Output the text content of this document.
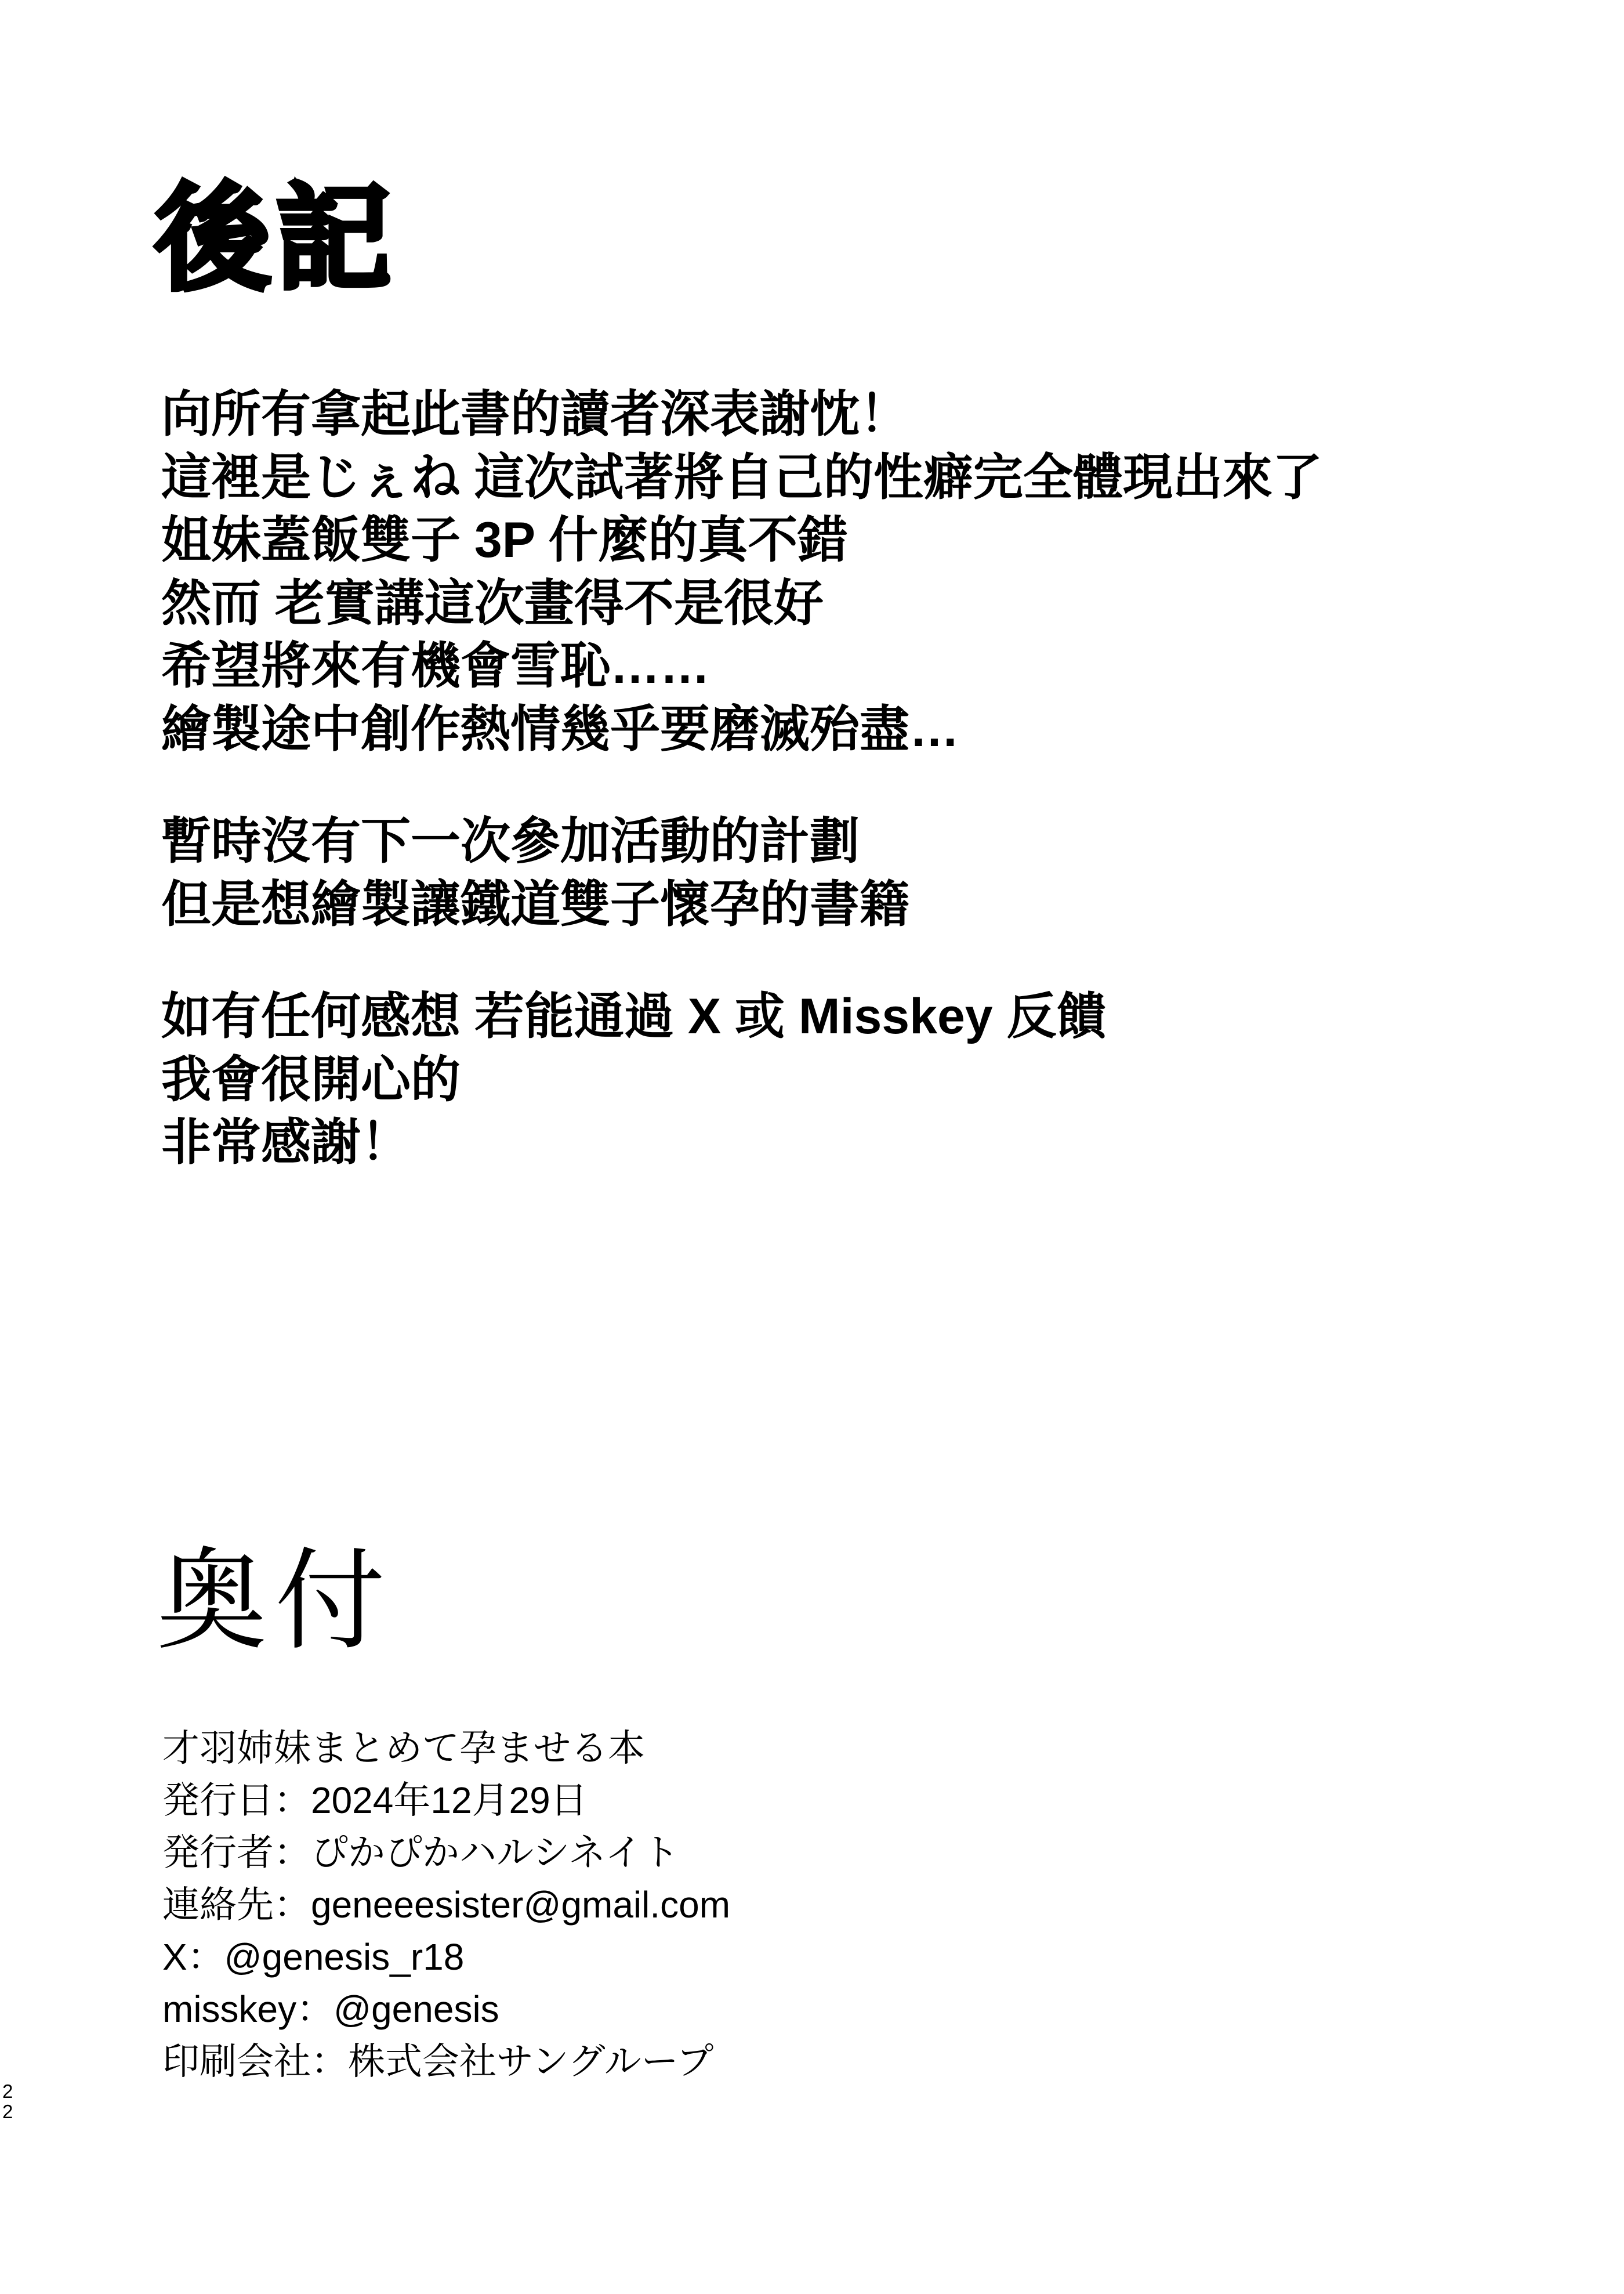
後記
向所有拿起此書的讀者深表謝忱！
這裡是じぇね 這次試著將自己的性癖完全體現出來了
姐妹蓋飯雙子 3P 什麼的真不錯
然而 老實講這次畫得不是很好
希望將來有機會雪恥……
繪製途中創作熱情幾乎要磨滅殆盡…
暫時沒有下一次參加活動的計劃
但是想繪製讓鐵道雙子懷孕的書籍
如有任何感想 若能通過 X 或 Misskey 反饋
我會很開心的
非常感謝！
奥付
才羽姉妹まとめて孕ませる本
発行日：2024年12月29日
発行者：ぴかぴかハルシネイト
連絡先：geneeesister@gmail.com
X：@genesis_r18
misskey：@genesis
印刷会社：株式会社サングループ
22
